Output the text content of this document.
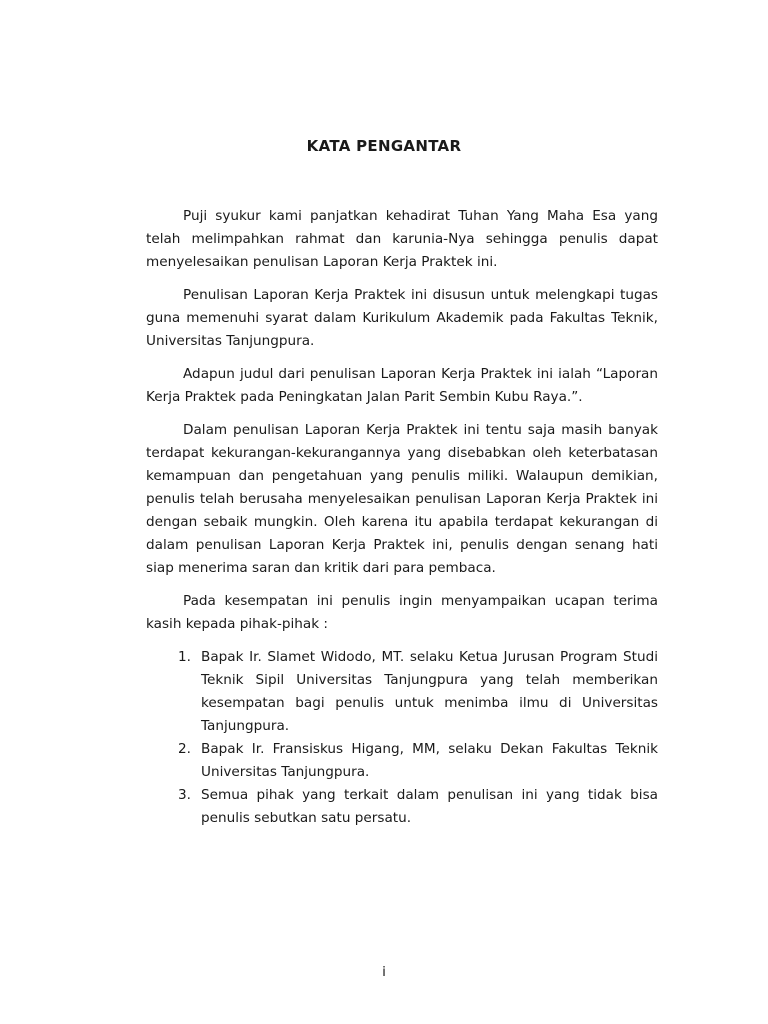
KATA PENGANTAR

Puji syukur kami panjatkan kehadirat Tuhan Yang Maha Esa yang telah melimpahkan rahmat dan karunia-Nya sehingga penulis dapat menyelesaikan penulisan Laporan Kerja Praktek ini.

Penulisan Laporan Kerja Praktek ini disusun untuk melengkapi tugas guna memenuhi syarat dalam Kurikulum Akademik pada Fakultas Teknik, Universitas Tanjungpura.

Adapun judul dari penulisan Laporan Kerja Praktek ini ialah “Laporan Kerja Praktek pada Peningkatan Jalan Parit Sembin Kubu Raya.”.

Dalam penulisan Laporan Kerja Praktek ini tentu saja masih banyak terdapat kekurangan-kekurangannya yang disebabkan oleh keterbatasan kemampuan dan pengetahuan yang penulis miliki. Walaupun demikian, penulis telah berusaha menyelesaikan penulisan Laporan Kerja Praktek ini dengan sebaik mungkin. Oleh karena itu apabila terdapat kekurangan di dalam penulisan Laporan Kerja Praktek ini, penulis dengan senang hati siap menerima saran dan kritik dari para pembaca.

Pada kesempatan ini penulis ingin menyampaikan ucapan terima kasih kepada pihak-pihak :

1. Bapak Ir. Slamet Widodo, MT. selaku Ketua Jurusan Program Studi Teknik Sipil Universitas Tanjungpura yang telah memberikan kesempatan bagi penulis untuk menimba ilmu di Universitas Tanjungpura.
2. Bapak Ir. Fransiskus Higang, MM, selaku Dekan Fakultas Teknik Universitas Tanjungpura.
3. Semua pihak yang terkait dalam penulisan ini yang tidak bisa penulis sebutkan satu persatu.
i
